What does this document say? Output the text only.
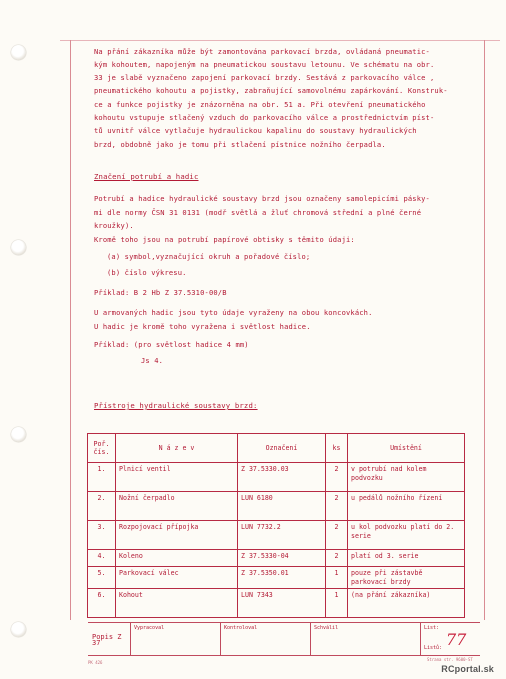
Na přání zákazníka může být zamontována parkovací brzda, ovládaná pneumatic-
kým kohoutem, napojeným na pneumatickou soustavu letounu. Ve schématu na obr.
33 je slabě vyznačeno zapojení parkovací brzdy. Sestává z parkovacího válce ,
pneumatického kohoutu a pojistky, zabraňující samovolnému zapárkování. Konstruk-
ce a funkce pojistky je znázorněna na obr. 51 a. Při otevření pneumatického
kohoutu vstupuje stlačený vzduch do parkovacího válce a prostřednictvím píst-
tů uvnitř válce vytlačuje hydraulickou kapalinu do soustavy hydraulických
brzd, obdobně jako je tomu při stlačení pístnice nožního čerpadla.
Značení potrubí a hadic
Potrubí a hadice hydraulické soustavy brzd jsou označeny samolepicími pásky-
mi dle normy ČSN 31 0131 (modř světlá a žluť chromová střední a plné černé
kroužky).
Kromě toho jsou na potrubí papírové obtisky s těmito údaji:
(a) symbol,vyznačující okruh a pořadové číslo;
(b) číslo výkresu.
Příklad: B 2 Hb Z 37.5310-00/B
U armovaných hadic jsou tyto údaje vyraženy na obou koncovkách.
U hadic je kromě toho vyražena i světlost hadice.
Příklad: (pro světlost hadice 4 mm)
Js 4.
Přístroje hydraulické soustavy brzd:
Poř. čís.	N á z e v	Označení	ks	Umístění
1.	Plnicí ventil	Z 37.5330.03	2	v potrubí nad kolem podvozku
2.	Nožní čerpadlo	LUN 6180	2	u pedálů nožního řízení
3.	Rozpojovací přípojka	LUN 7732.2	2	u kol podvozku platí do 2. serie
4.	Koleno	Z 37.5330-04	2	platí od 3. serie
5.	Parkovací válec	Z 37.5350.01	1	pouze při zástavbě parkovací brzdy
6.	Kohout	LUN 7343	1	(na přání zákazníka)
Popis Z 37
Vypracoval	Kontroloval	Schválil	List:
Listů: 77
PK 426
Strana str. 9600-ST
RCportal.sk
